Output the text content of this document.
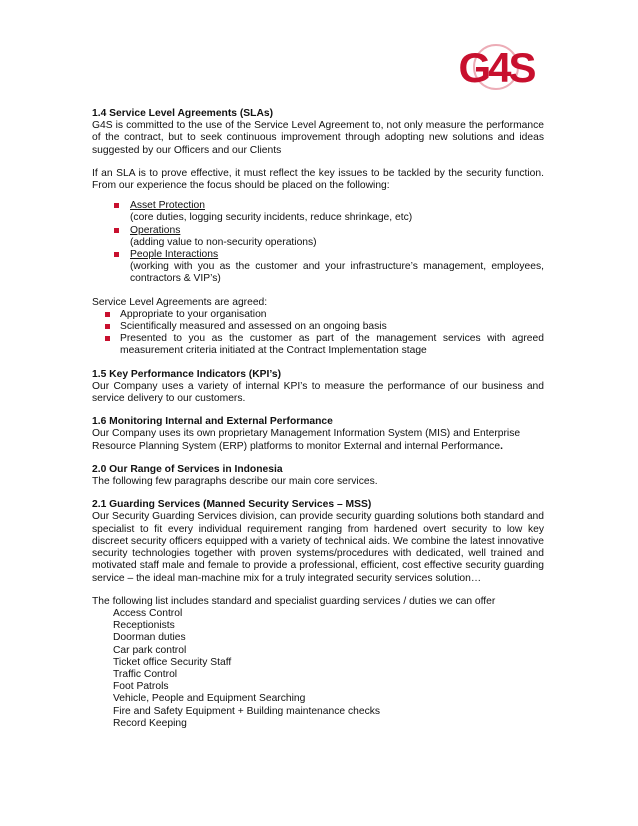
G4S

1.4 Service Level Agreements (SLAs)

G4S is committed to the use of the Service Level Agreement to, not only measure the performance of the contract, but to seek continuous improvement through adopting new solutions and ideas suggested by our Officers and our Clients

If an SLA is to prove effective, it must reflect the key issues to be tackled by the security function. From our experience the focus should be placed on the following:

Asset Protection
(core duties, logging security incidents, reduce shrinkage, etc)
Operations
(adding value to non-security operations)
People Interactions
(working with you as the customer and your infrastructure’s management, employees, contractors & VIP’s)

Service Level Agreements are agreed:

Appropriate to your organisation
Scientifically measured and assessed on an ongoing basis
Presented to you as the customer as part of the management services with agreed measurement criteria initiated at the Contract Implementation stage

1.5 Key Performance Indicators (KPI’s)

Our Company uses a variety of internal KPI’s to measure the performance of our business and service delivery to our customers.

1.6 Monitoring Internal and External Performance

Our Company uses its own proprietary Management Information System (MIS) and Enterprise Resource Planning System (ERP) platforms to monitor External and internal Performance.

2.0 Our Range of Services in Indonesia

The following few paragraphs describe our main core services.

2.1 Guarding Services (Manned Security Services – MSS)

Our Security Guarding Services division, can provide security guarding solutions both standard and specialist to fit every individual requirement ranging from hardened overt security to low key discreet security officers equipped with a variety of technical aids. We combine the latest innovative security technologies together with proven systems/procedures with dedicated, well trained and motivated staff male and female to provide a professional, efficient, cost effective security guarding service – the ideal man-machine mix for a truly integrated security services solution…

The following list includes standard and specialist guarding services / duties we can offer

Access Control
Receptionists
Doorman duties
Car park control
Ticket office Security Staff
Traffic Control
Foot Patrols
Vehicle, People and Equipment Searching
Fire and Safety Equipment + Building maintenance checks
Record Keeping
